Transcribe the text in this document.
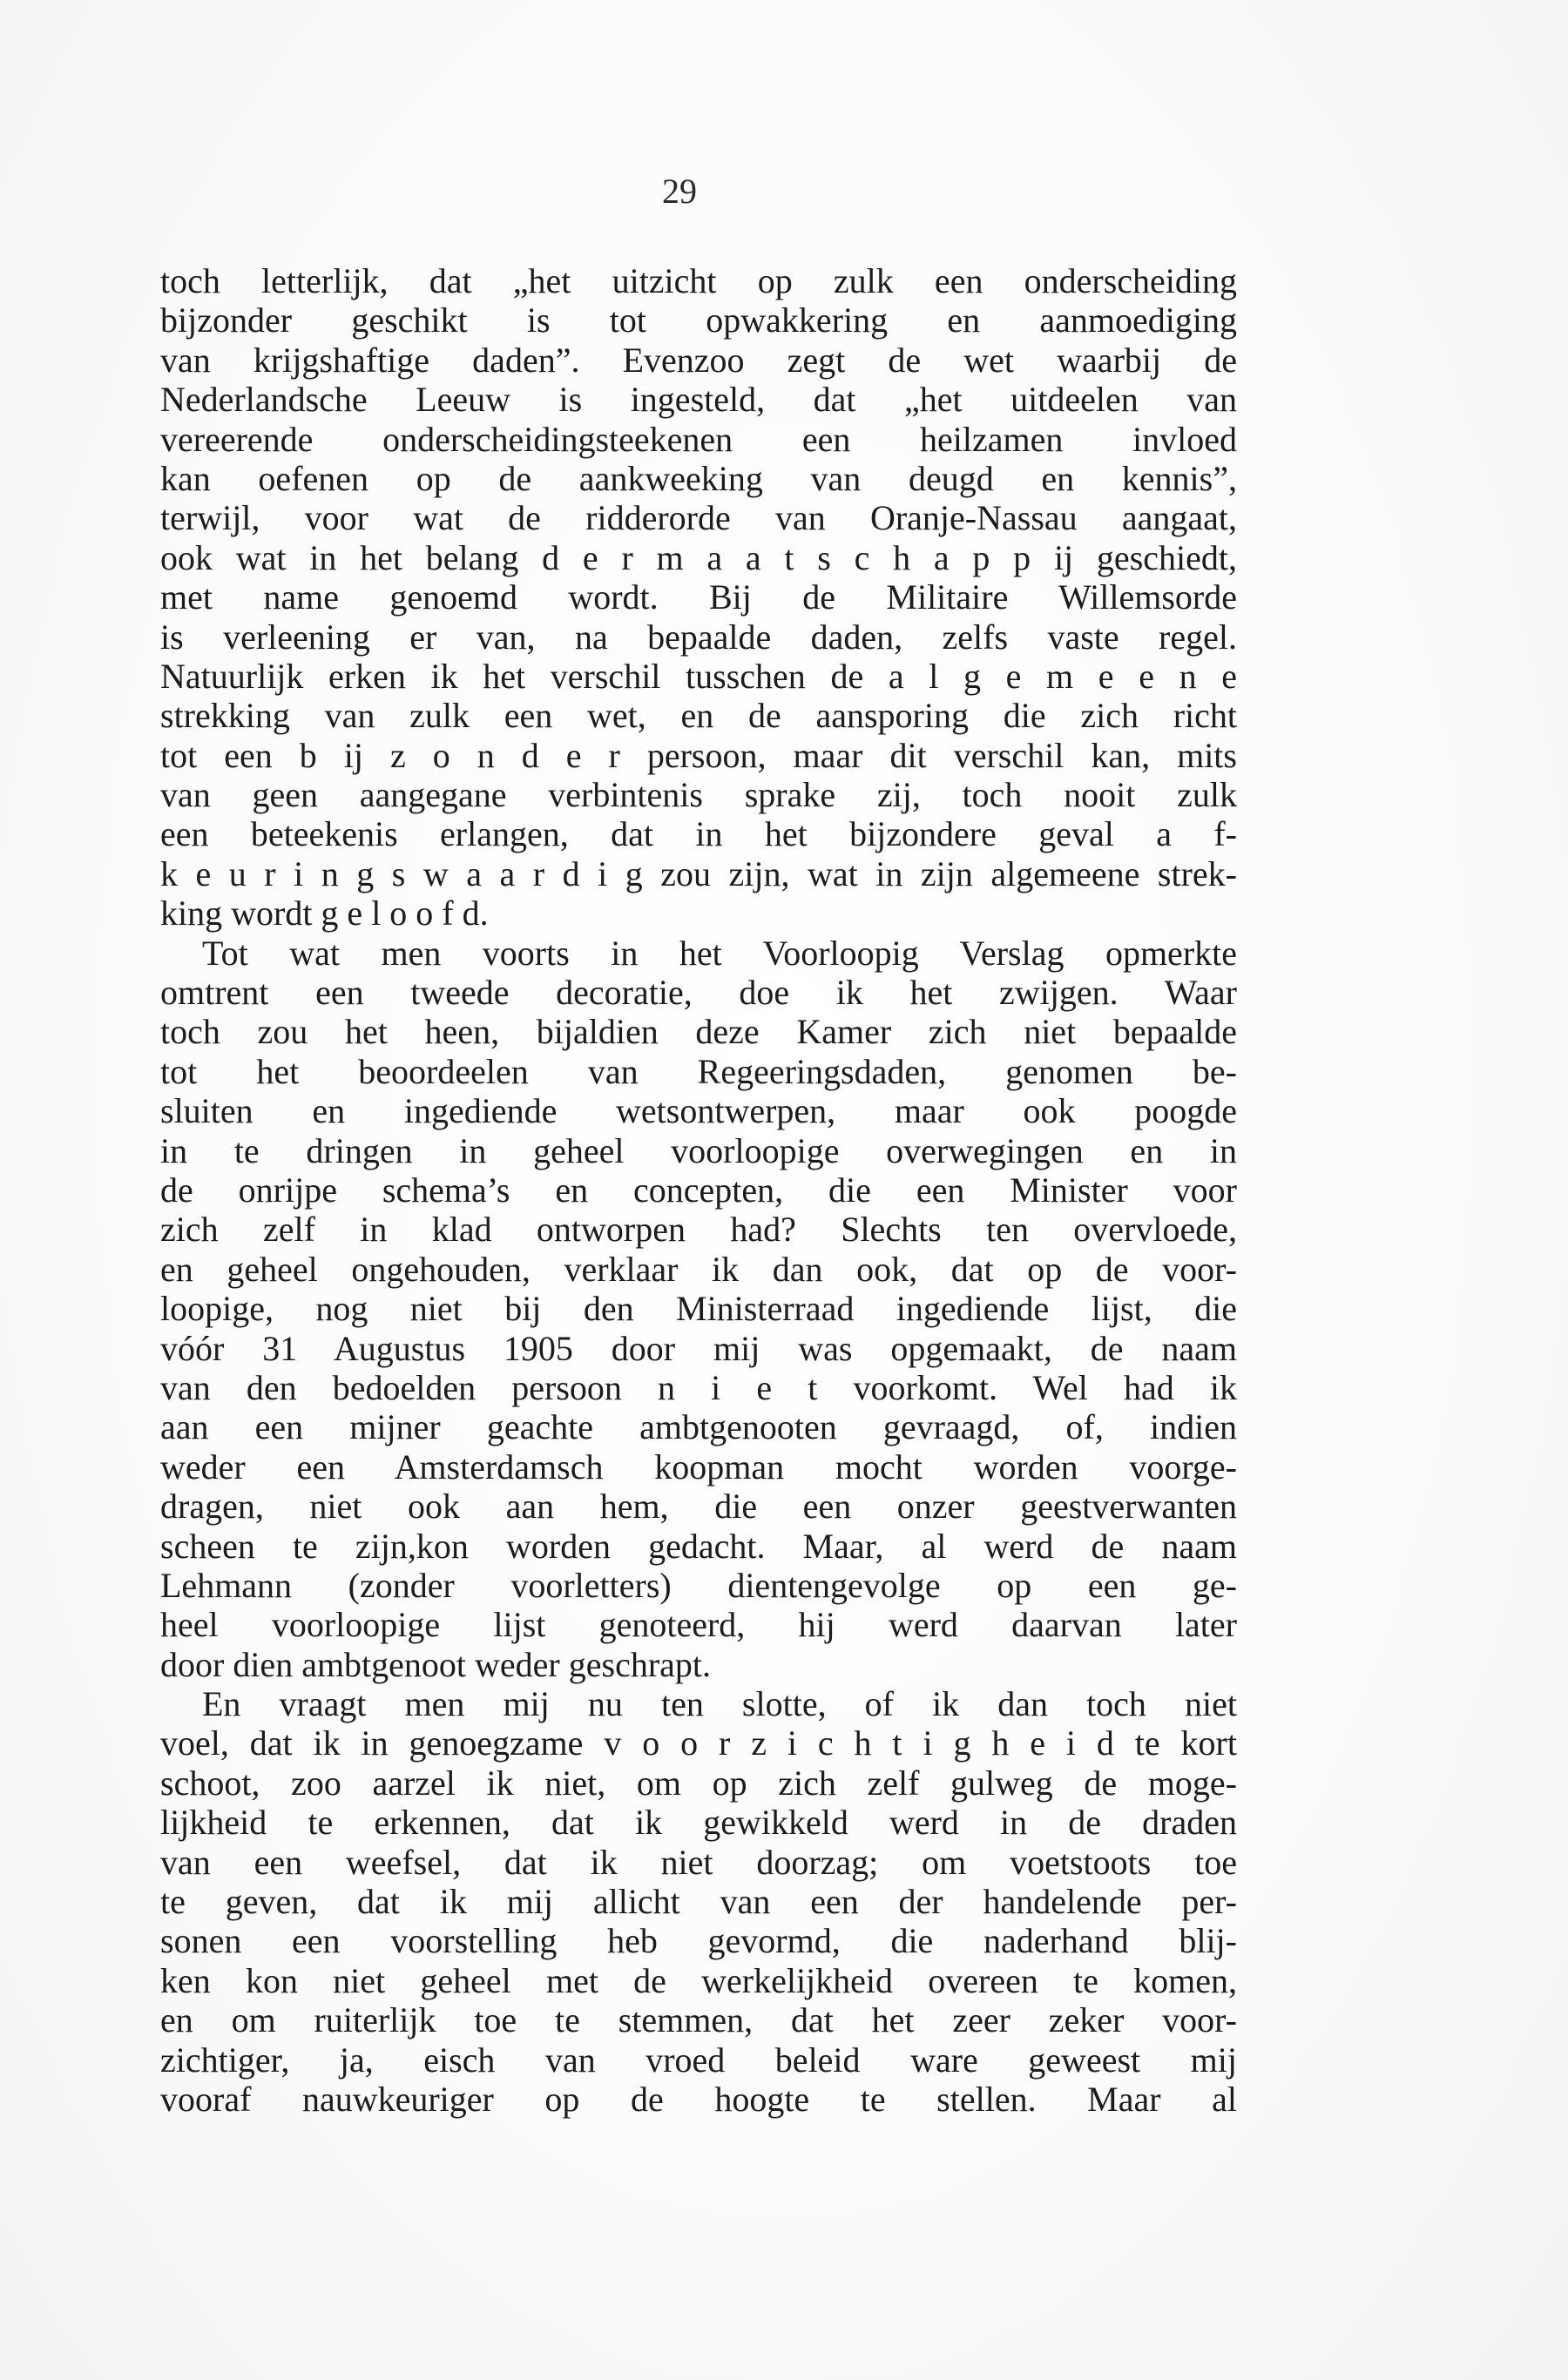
29
toch letterlijk, dat „het uitzicht op zulk een onderscheiding
bijzonder geschikt is tot opwakkering en aanmoediging
van krijgshaftige daden”. Evenzoo zegt de wet waarbij de
Nederlandsche Leeuw is ingesteld, dat „het uitdeelen van
vereerende onderscheidingsteekenen een heilzamen invloed
kan oefenen op de aankweeking van deugd en kennis”,
terwijl, voor wat de ridderorde van Oranje-Nassau aangaat,
ook wat in het belang d e r m a a t s c h a p p ij geschiedt,
met name genoemd wordt. Bij de Militaire Willemsorde
is verleening er van, na bepaalde daden, zelfs vaste regel.
Natuurlijk erken ik het verschil tusschen de a l g e m e e n e
strekking van zulk een wet, en de aansporing die zich richt
tot een b ij z o n d e r persoon, maar dit verschil kan, mits
van geen aangegane verbintenis sprake zij, toch nooit zulk
een beteekenis erlangen, dat in het bijzondere geval a f-
k e u r i n g s w a a r d i g zou zijn, wat in zijn algemeene strek-
king wordt g e l o o f d.
Tot wat men voorts in het Voorloopig Verslag opmerkte
omtrent een tweede decoratie, doe ik het zwijgen. Waar
toch zou het heen, bijaldien deze Kamer zich niet bepaalde
tot het beoordeelen van Regeeringsdaden, genomen be-
sluiten en ingediende wetsontwerpen, maar ook poogde
in te dringen in geheel voorloopige overwegingen en in
de onrijpe schema’s en concepten, die een Minister voor
zich zelf in klad ontworpen had? Slechts ten overvloede,
en geheel ongehouden, verklaar ik dan ook, dat op de voor-
loopige, nog niet bij den Ministerraad ingediende lijst, die
vóór 31 Augustus 1905 door mij was opgemaakt, de naam
van den bedoelden persoon n i e t voorkomt. Wel had ik
aan een mijner geachte ambtgenooten gevraagd, of, indien
weder een Amsterdamsch koopman mocht worden voorge-
dragen, niet ook aan hem, die een onzer geestverwanten
scheen te zijn,kon worden gedacht. Maar, al werd de naam
Lehmann (zonder voorletters) dientengevolge op een ge-
heel voorloopige lijst genoteerd, hij werd daarvan later
door dien ambtgenoot weder geschrapt.
En vraagt men mij nu ten slotte, of ik dan toch niet
voel, dat ik in genoegzame v o o r z i c h t i g h e i d te kort
schoot, zoo aarzel ik niet, om op zich zelf gulweg de moge-
lijkheid te erkennen, dat ik gewikkeld werd in de draden
van een weefsel, dat ik niet doorzag; om voetstoots toe
te geven, dat ik mij allicht van een der handelende per-
sonen een voorstelling heb gevormd, die naderhand blij-
ken kon niet geheel met de werkelijkheid overeen te komen,
en om ruiterlijk toe te stemmen, dat het zeer zeker voor-
zichtiger, ja, eisch van vroed beleid ware geweest mij
vooraf nauwkeuriger op de hoogte te stellen. Maar al
